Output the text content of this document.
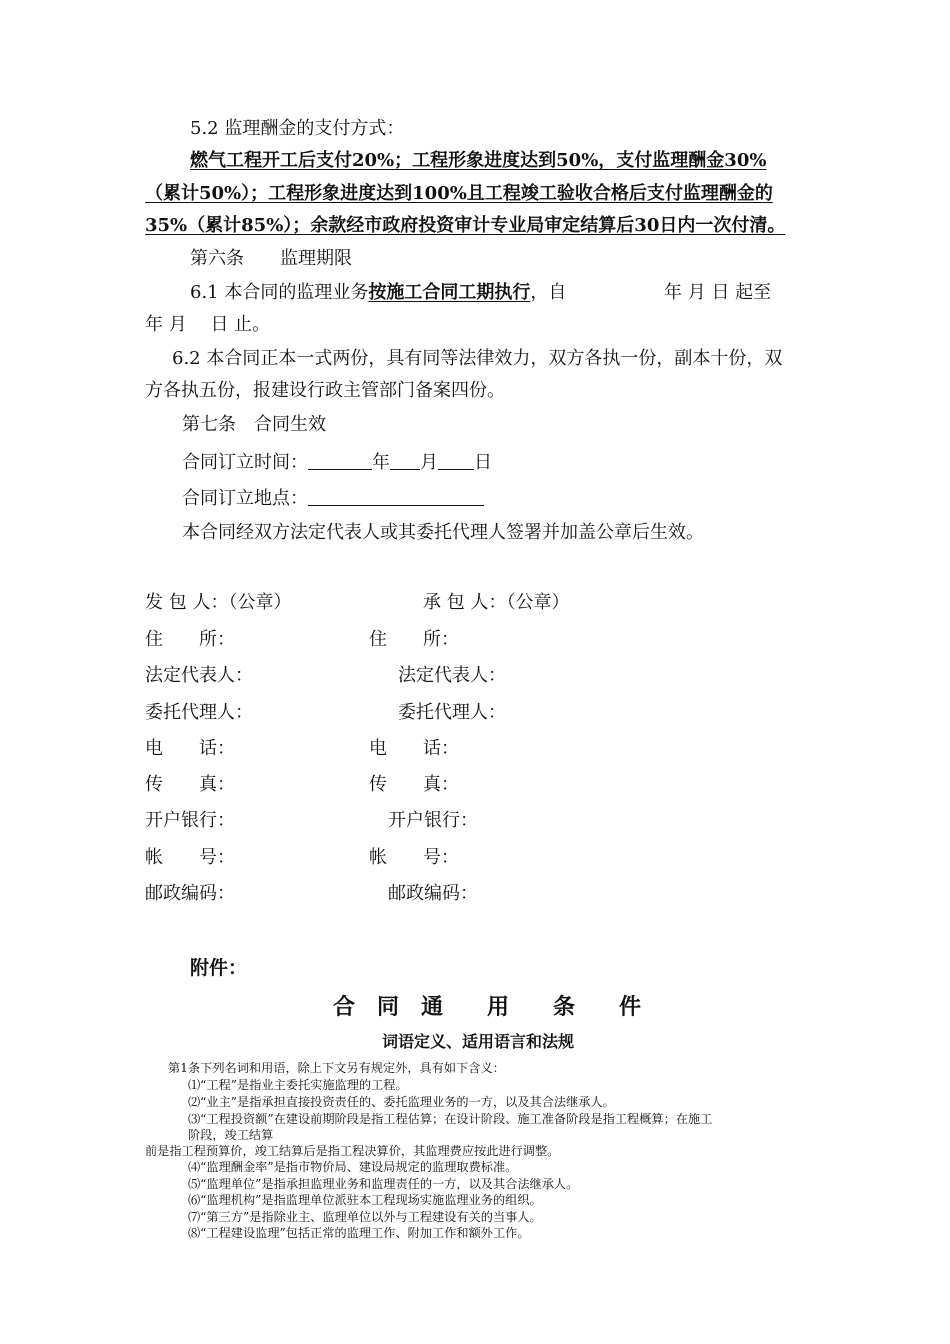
5.2 监理酬金的支付方式：
燃气工程开工后支付20%；工程形象进度达到50%，支付监理酬金30%
（累计50%）；工程形象进度达到100%且工程竣工验收合格后支付监理酬金的
35%（累计85%）；余款经市政府投资审计专业局审定结算后30日内一次付清。
第六条　　监理期限
6.1 本合同的监理业务按施工合同工期执行，自	年 月 日 起至
年 月　 日 止。
6.2 本合同正本一式两份，具有同等法律效力，双方各执一份，副本十份，双
方各执五份，报建设行政主管部门备案四份。
第七条　合同生效
合同订立时间：	年 月 日
合同订立地点：
本合同经双方法定代表人或其委托代理人签署并加盖公章后生效。
发 包 人：（公章）
住　　所：
法定代表人：
委托代理人：
电　　话：
传　　真：
开户银行：
帐　　号：
邮政编码：
承 包 人：（公章）
住　　所：
法定代表人：
委托代理人：
电　　话：
传　　真：
开户银行：
帐　　号：
邮政编码：
附件：
合　同　通　　用　　条　　件
词语定义、适用语言和法规
第1条下列名词和用语，除上下文另有规定外，具有如下含义：
⑴“工程”是指业主委托实施监理的工程。
⑵“业主”是指承担直接投资责任的、委托监理业务的一方，以及其合法继承人。
⑶“工程投资额”在建设前期阶段是指工程估算；在设计阶段、施工准备阶段是指工程概算；在施工
阶段，竣工结算
前是指工程预算价，竣工结算后是指工程决算价，其监理费应按此进行调整。
⑷“监理酬金率”是指市物价局、建设局规定的监理取费标准。
⑸“监理单位”是指承担监理业务和监理责任的一方，以及其合法继承人。
⑹“监理机构”是指监理单位派驻本工程现场实施监理业务的组织。
⑺“第三方”是指除业主、监理单位以外与工程建设有关的当事人。
⑻“工程建设监理”包括正常的监理工作、附加工作和额外工作。
